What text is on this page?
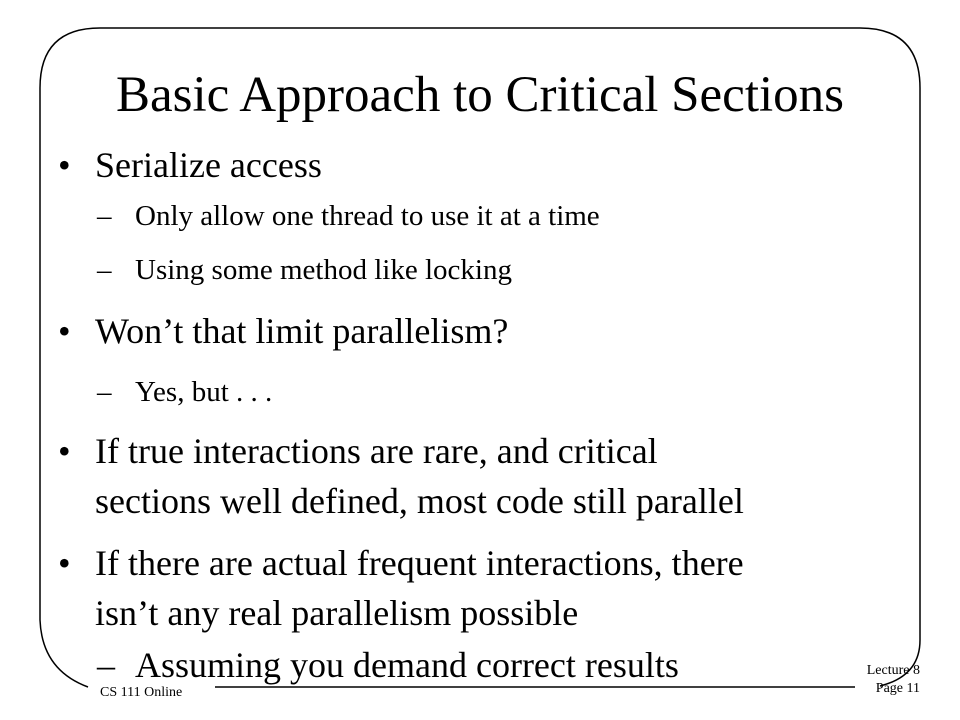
Basic Approach to Critical Sections
• Serialize access
– Only allow one thread to use it at a time
– Using some method like locking
• Won’t that limit parallelism?
– Yes, but . . .
• If true interactions are rare, and critical
sections well defined, most code still parallel
• If there are actual frequent interactions, there
isn’t any real parallelism possible
– Assuming you demand correct results
CS 111 Online
Lecture 8
Page 11
